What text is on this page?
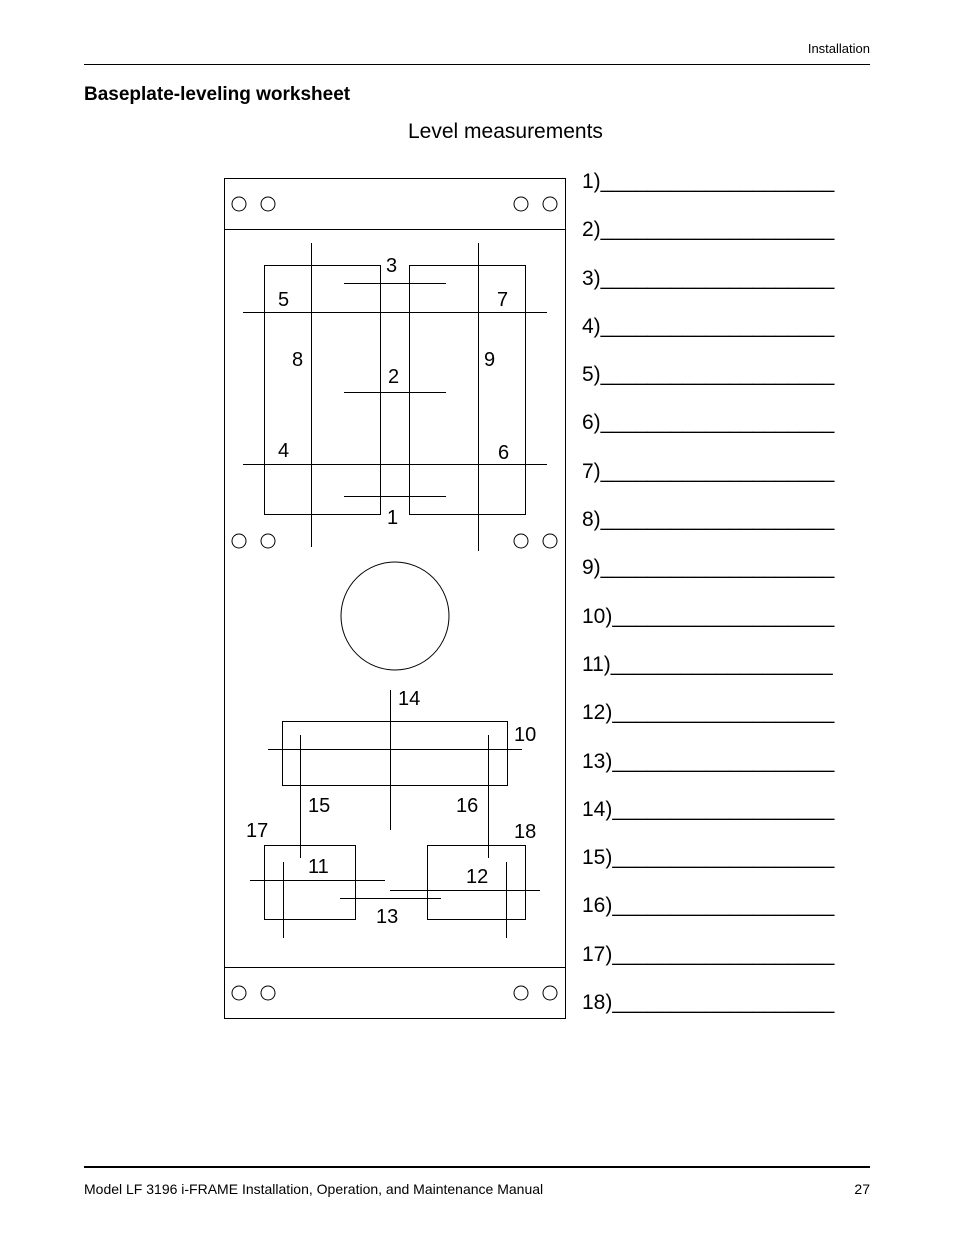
Installation
Baseplate-leveling worksheet
Level measurements
1
2
3
4
5
6
7
8	9
10
11	12
13
14
15	16
17	18
1)____________________
2)____________________
3)____________________
4)____________________
5)____________________
6)____________________
7)____________________
8)____________________
9)____________________
10)___________________
11)___________________
12)___________________
13)___________________
14)___________________
15)___________________
16)___________________
17)___________________
18)___________________
Model LF 3196 i-FRAME Installation, Operation, and Maintenance Manual	27
